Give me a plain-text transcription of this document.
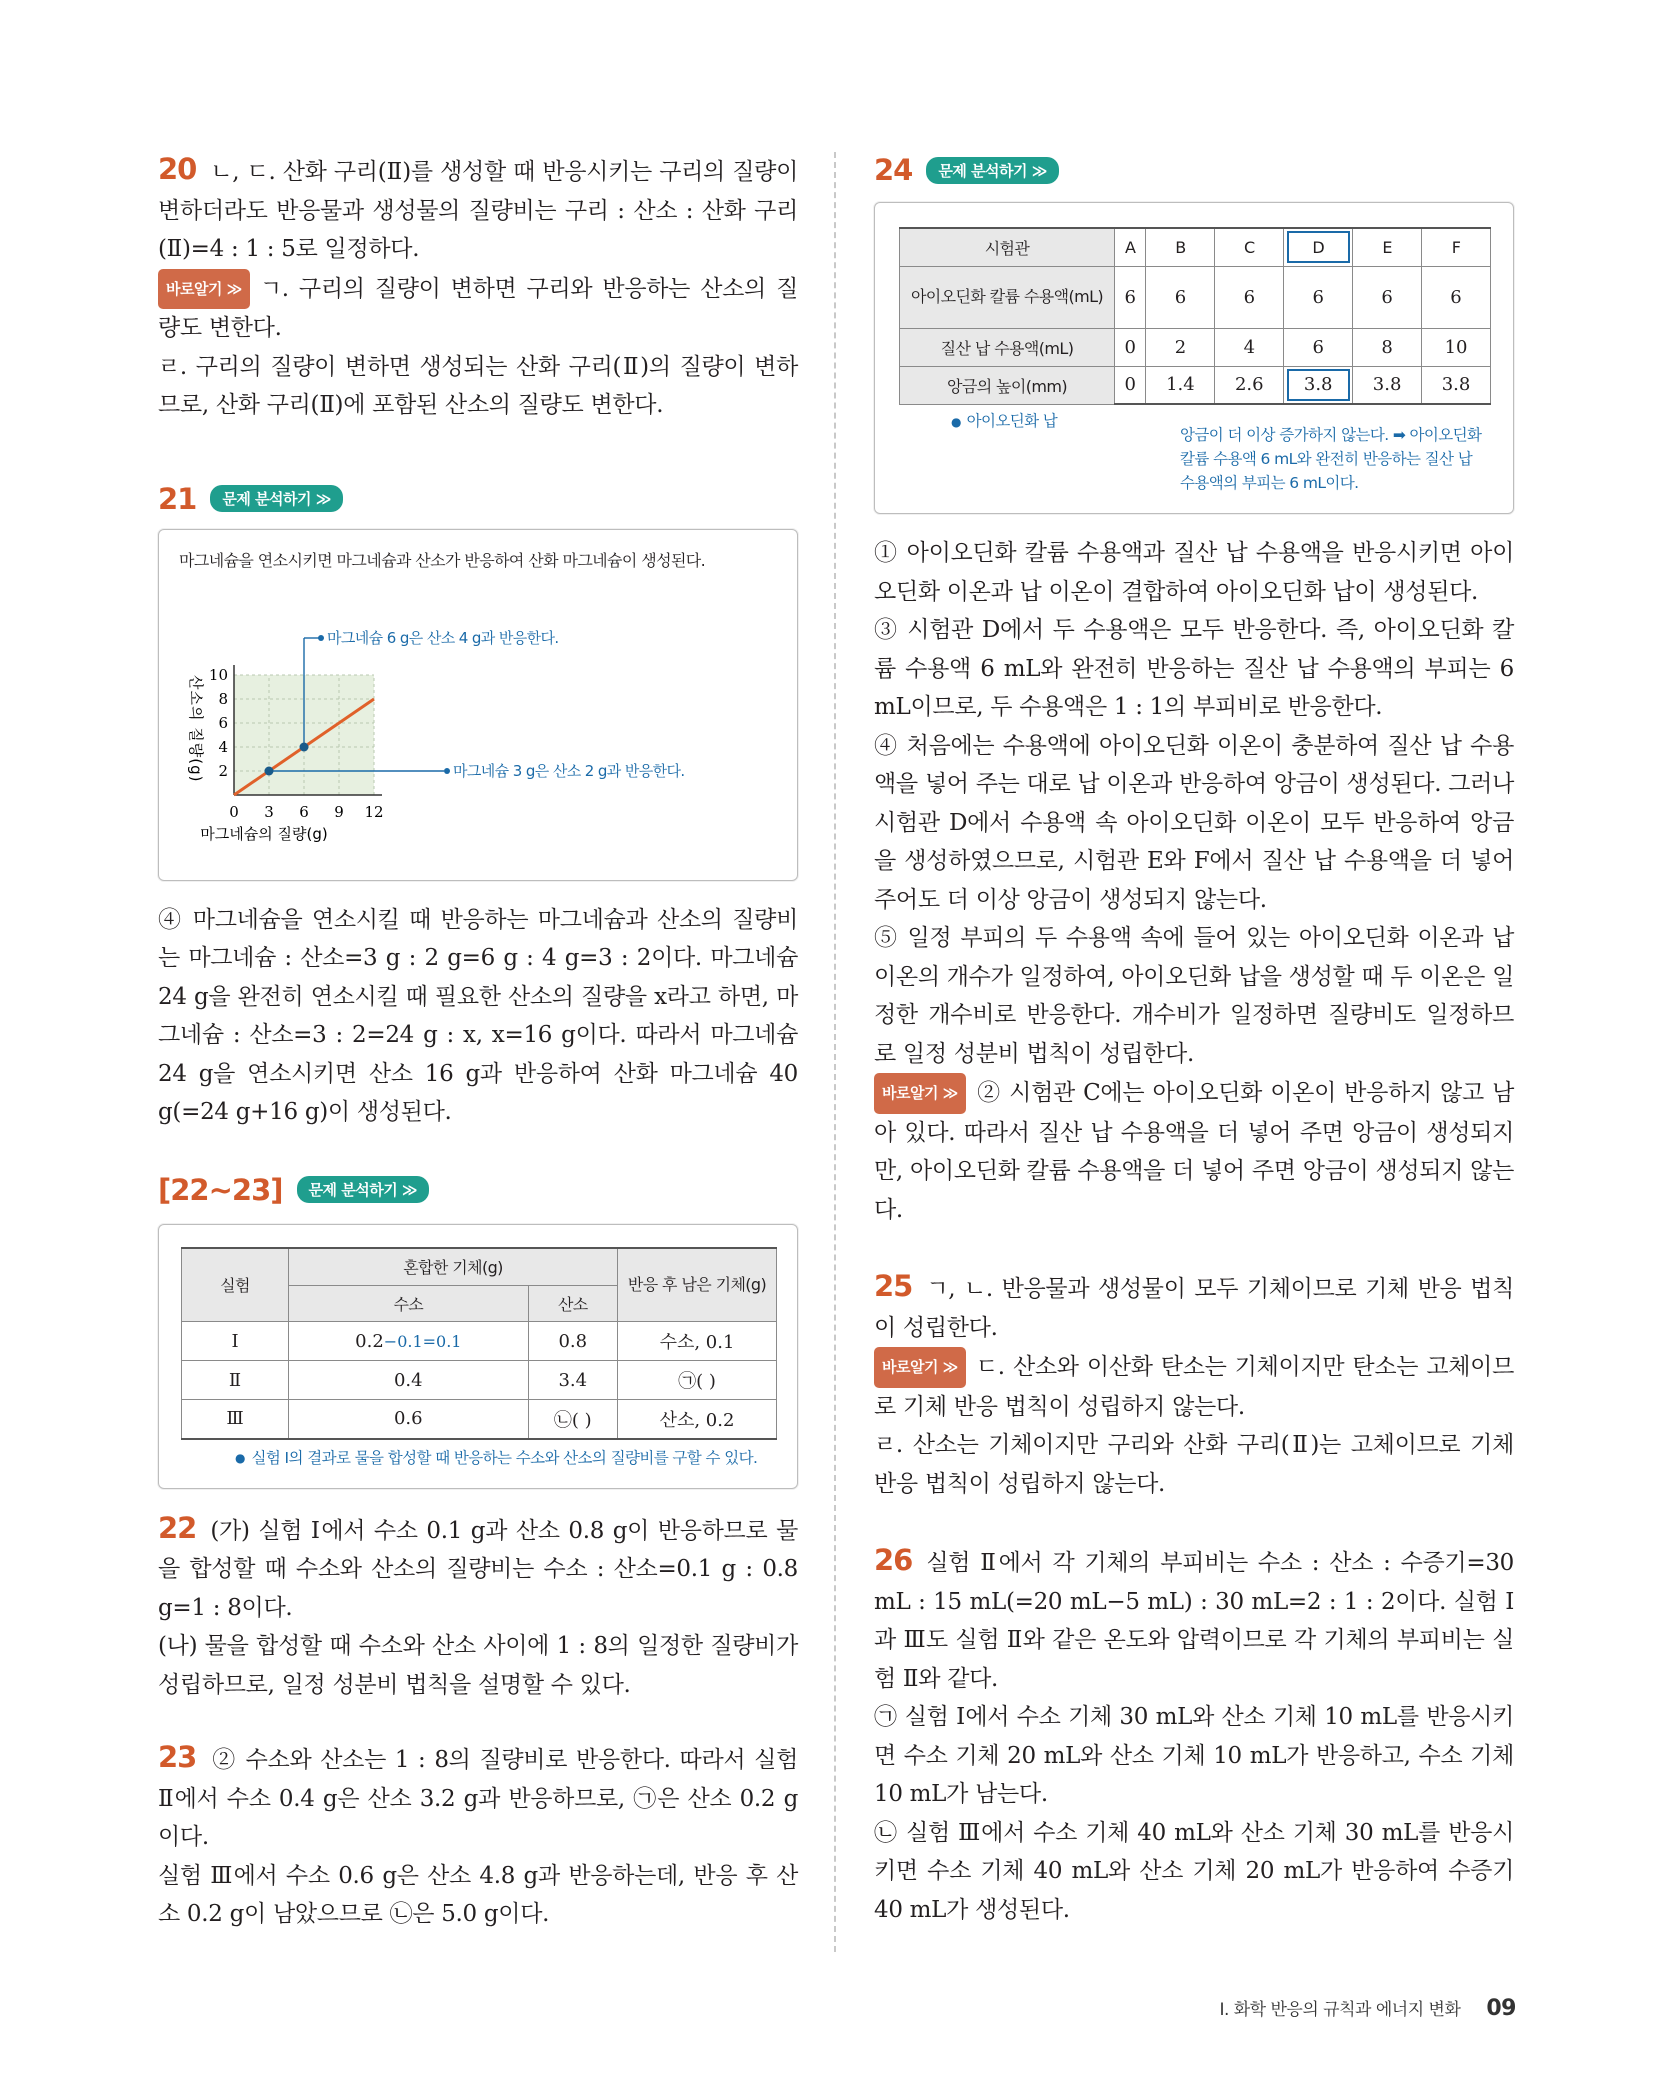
20 ㄴ, ㄷ. 산화 구리(Ⅱ)를 생성할 때 반응시키는 구리의 질량이 변하더라도 반응물과 생성물의 질량비는 구리 : 산소 : 산화 구리(Ⅱ)=4 : 1 : 5로 일정하다.

바로알기 ≫ ㄱ. 구리의 질량이 변하면 구리와 반응하는 산소의 질량도 변한다.

ㄹ. 구리의 질량이 변하면 생성되는 산화 구리(Ⅱ)의 질량이 변하므로, 산화 구리(Ⅱ)에 포함된 산소의 질량도 변한다.

21	문제 분석하기 ≫
마그네슘을 연소시키면 마그네슘과 산소가 반응하여 산화 마그네슘이 생성된다.
0 3 6 9 12
2
4
6
8
10
마그네슘의 질량(g)
산소의 질량(g)
마그네슘 6 g은 산소 4 g과 반응한다.
마그네슘 3 g은 산소 2 g과 반응한다.

④ 마그네슘을 연소시킬 때 반응하는 마그네슘과 산소의 질량비는 마그네슘 : 산소=3 g : 2 g=6 g : 4 g=3 : 2이다. 마그네슘 24 g을 완전히 연소시킬 때 필요한 산소의 질량을 x라고 하면, 마그네슘 : 산소=3 : 2=24 g : x, x=16 g이다. 따라서 마그네슘 24 g을 연소시키면 산소 16 g과 반응하여 산화 마그네슘 40 g(=24 g+16 g)이 생성된다.

[22~23]	문제 분석하기 ≫
실험	혼합한 기체(g)		반응 후 남은 기체(g)
	수소	산소	
Ⅰ	0.2−0.1=0.1	0.8	수소, 0.1
Ⅱ	0.4	3.4	㉠( )
Ⅲ	0.6	㉡( )	산소, 0.2
● 실험 Ⅰ의 결과로 물을 합성할 때 반응하는 수소와 산소의 질량비를 구할 수 있다.

22 (가) 실험 Ⅰ에서 수소 0.1 g과 산소 0.8 g이 반응하므로 물을 합성할 때 수소와 산소의 질량비는 수소 : 산소=0.1 g : 0.8 g=1 : 8이다.

(나) 물을 합성할 때 수소와 산소 사이에 1 : 8의 일정한 질량비가 성립하므로, 일정 성분비 법칙을 설명할 수 있다.

23 ② 수소와 산소는 1 : 8의 질량비로 반응한다. 따라서 실험 Ⅱ에서 수소 0.4 g은 산소 3.2 g과 반응하므로, ㉠은 산소 0.2 g이다.

실험 Ⅲ에서 수소 0.6 g은 산소 4.8 g과 반응하는데, 반응 후 산소 0.2 g이 남았으므로 ㉡은 5.0 g이다.

24	문제 분석하기 ≫
시험관	A	B	C	D	E	F
아이오딘화 칼륨 수용액(mL)	6	6	6	6	6	6
질산 납 수용액(mL)	0	2	4	6	8	10
앙금의 높이(mm)	0	1.4	2.6	3.8	3.8	3.8
● 아이오딘화 납
앙금이 더 이상 증가하지 않는다. ➡ 아이오딘화 칼륨 수용액 6 mL와 완전히 반응하는 질산 납 수용액의 부피는 6 mL이다.

① 아이오딘화 칼륨 수용액과 질산 납 수용액을 반응시키면 아이오딘화 이온과 납 이온이 결합하여 아이오딘화 납이 생성된다.

③ 시험관 D에서 두 수용액은 모두 반응한다. 즉, 아이오딘화 칼륨 수용액 6 mL와 완전히 반응하는 질산 납 수용액의 부피는 6 mL이므로, 두 수용액은 1 : 1의 부피비로 반응한다.

④ 처음에는 수용액에 아이오딘화 이온이 충분하여 질산 납 수용액을 넣어 주는 대로 납 이온과 반응하여 앙금이 생성된다. 그러나 시험관 D에서 수용액 속 아이오딘화 이온이 모두 반응하여 앙금을 생성하였으므로, 시험관 E와 F에서 질산 납 수용액을 더 넣어 주어도 더 이상 앙금이 생성되지 않는다.

⑤ 일정 부피의 두 수용액 속에 들어 있는 아이오딘화 이온과 납 이온의 개수가 일정하여, 아이오딘화 납을 생성할 때 두 이온은 일정한 개수비로 반응한다. 개수비가 일정하면 질량비도 일정하므로 일정 성분비 법칙이 성립한다.

바로알기 ≫ ② 시험관 C에는 아이오딘화 이온이 반응하지 않고 남아 있다. 따라서 질산 납 수용액을 더 넣어 주면 앙금이 생성되지만, 아이오딘화 칼륨 수용액을 더 넣어 주면 앙금이 생성되지 않는다.

25 ㄱ, ㄴ. 반응물과 생성물이 모두 기체이므로 기체 반응 법칙이 성립한다.

바로알기 ≫ ㄷ. 산소와 이산화 탄소는 기체이지만 탄소는 고체이므로 기체 반응 법칙이 성립하지 않는다.

ㄹ. 산소는 기체이지만 구리와 산화 구리(Ⅱ)는 고체이므로 기체 반응 법칙이 성립하지 않는다.

26 실험 Ⅱ에서 각 기체의 부피비는 수소 : 산소 : 수증기=30 mL : 15 mL(=20 mL−5 mL) : 30 mL=2 : 1 : 2이다. 실험 Ⅰ과 Ⅲ도 실험 Ⅱ와 같은 온도와 압력이므로 각 기체의 부피비는 실험 Ⅱ와 같다.

㉠ 실험 Ⅰ에서 수소 기체 30 mL와 산소 기체 10 mL를 반응시키면 수소 기체 20 mL와 산소 기체 10 mL가 반응하고, 수소 기체 10 mL가 남는다.

㉡ 실험 Ⅲ에서 수소 기체 40 mL와 산소 기체 30 mL를 반응시키면 수소 기체 40 mL와 산소 기체 20 mL가 반응하여 수증기 40 mL가 생성된다.

Ⅰ. 화학 반응의 규칙과 에너지 변화 09
